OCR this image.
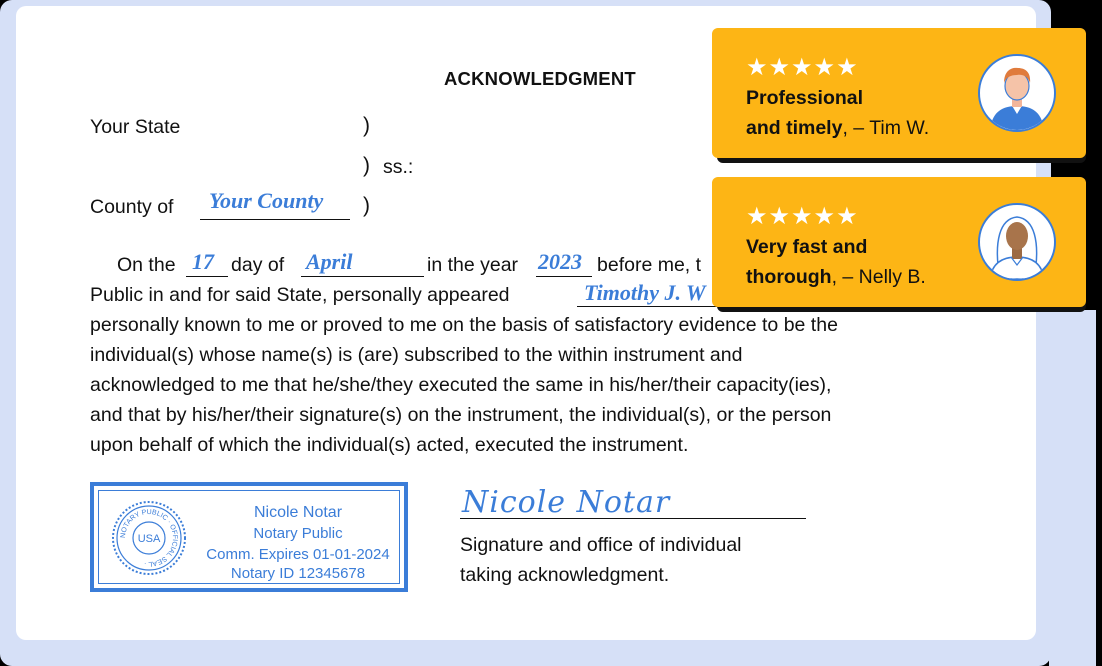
ACKNOWLEDGMENT
Your State	)
) ss.:
County of Your County )
On the 17 day of April	in the year 2023 before me, t
Public in and for said State, personally appeared	Timothy J. W

personally known to me or proved to me on the basis of satisfactory evidence to be the
individual(s) whose name(s) is (are) subscribed to the within instrument and
acknowledged to me that he/she/they executed the same in his/her/their capacity(ies),
and that by his/her/their signature(s) on the instrument, the individual(s), or the person
upon behalf of which the individual(s) acted, executed the instrument.

NOTARY PUBLIC · OFFICIAL SEAL ·
USA
Nicole Notar
Notary Public
Comm. Expires 01-01-2024
Notary ID 12345678
Nicole Notar
Signature and office of individual
taking acknowledgment.
★★★★★
Professional
and timely, – Tim W.
★★★★★
Very fast and
thorough, – Nelly B.
